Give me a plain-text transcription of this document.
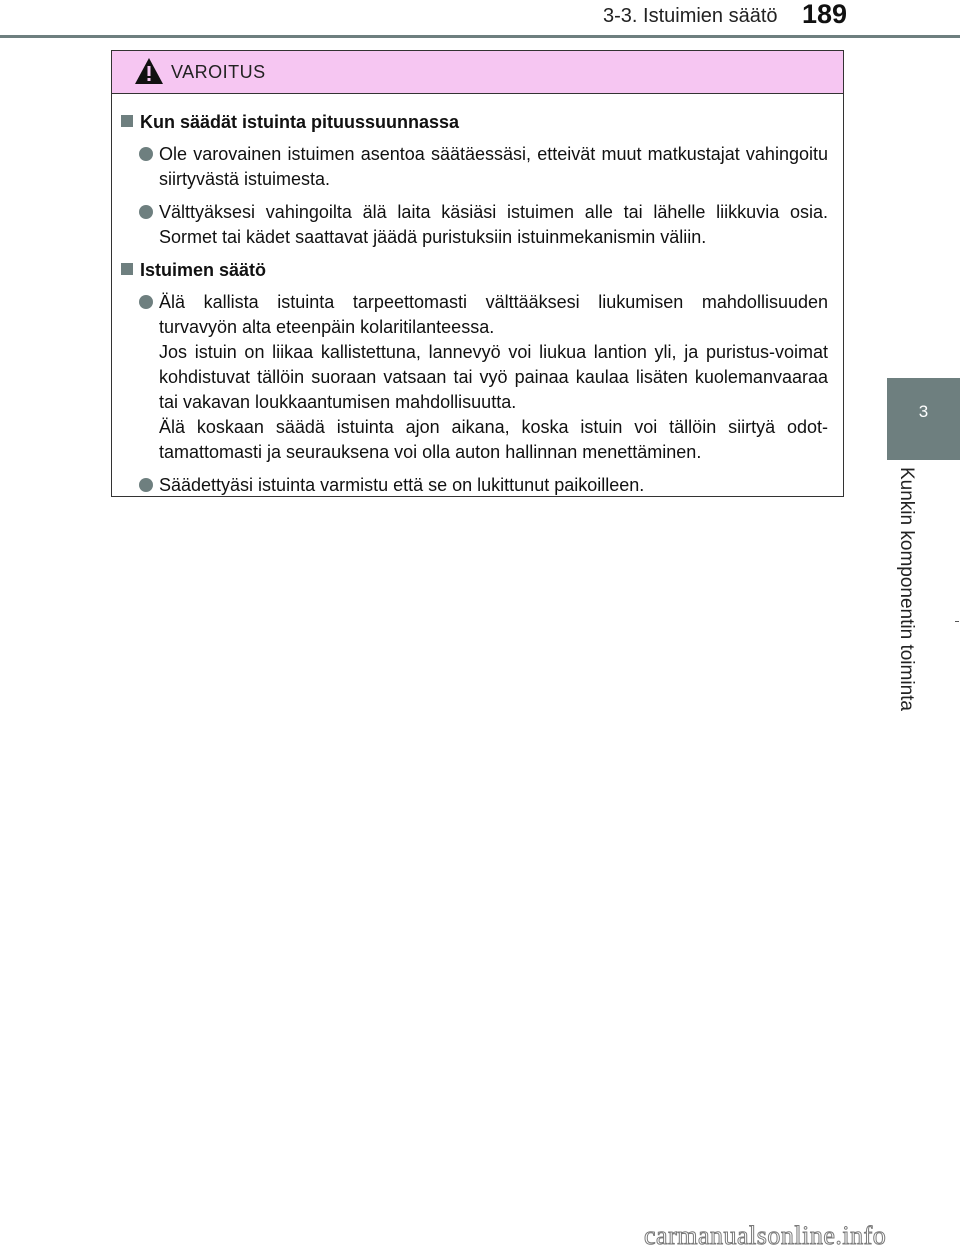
3-3. Istuimien säätö 189
3
Kunkin komponentin toiminta
VAROITUS
Kun säädät istuinta pituussuunnassa

Ole varovainen istuimen asentoa säätäessäsi, etteivät muut matkustajat vahingoitu siirtyvästä istuimesta.

Välttyäksesi vahingoilta älä laita käsiäsi istuimen alle tai lähelle liikkuvia osia. Sormet tai kädet saattavat jäädä puristuksiin istuinmekanismin väliin.

Istuimen säätö

Älä kallista istuinta tarpeettomasti välttääksesi liukumisen mahdollisuuden turvavyön alta eteenpäin kolaritilanteessa.

Jos istuin on liikaa kallistettuna, lannevyö voi liukua lantion yli, ja puristus-voimat kohdistuvat tällöin suoraan vatsaan tai vyö painaa kaulaa lisäten kuolemanvaaraa tai vakavan loukkaantumisen mahdollisuutta.

Älä koskaan säädä istuinta ajon aikana, koska istuin voi tällöin siirtyä odot-tamattomasti ja seurauksena voi olla auton hallinnan menettäminen.

Säädettyäsi istuinta varmistu että se on lukittunut paikoilleen.

carmanualsonline.info
